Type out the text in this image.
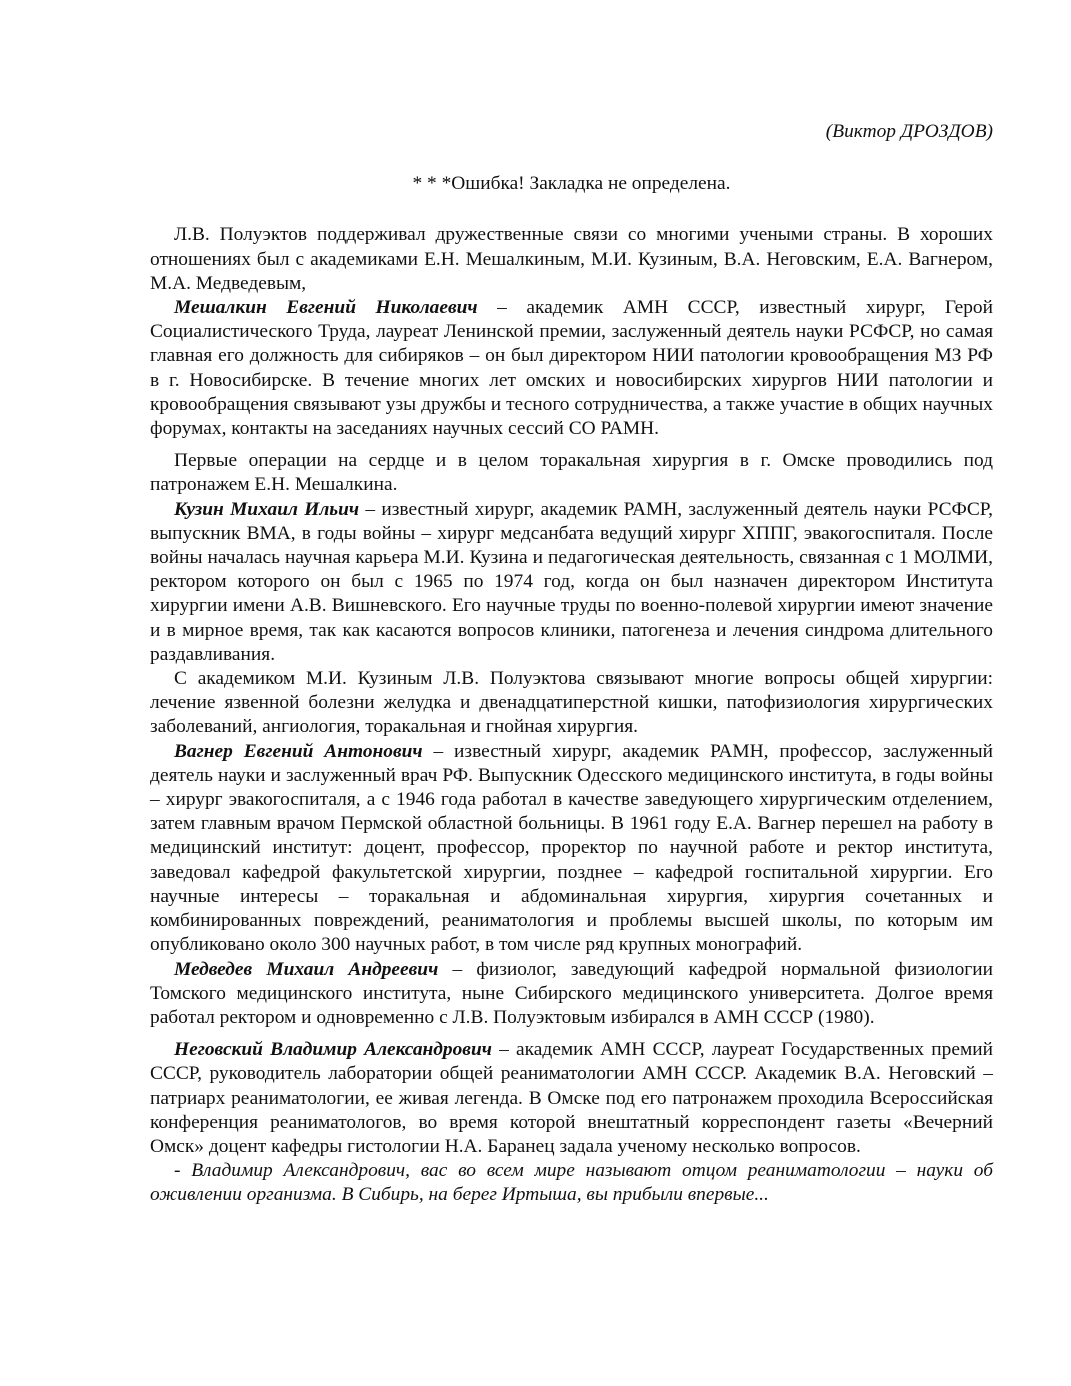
(Виктор ДРОЗДОВ)
* * *Ошибка! Закладка не определена.

Л.В. Полуэктов поддерживал дружественные связи со многими учеными страны. В хороших отношениях был с академиками Е.Н. Мешалкиным, М.И. Кузиным, В.А. Неговским, Е.А. Вагнером, М.А. Медведевым,

Мешалкин Евгений Николаевич – академик АМН СССР, известный хирург, Герой Социалистического Труда, лауреат Ленинской премии, заслуженный деятель науки РСФСР, но самая главная его должность для сибиряков – он был директором НИИ патологии кровообращения МЗ РФ в г. Новосибирске. В течение многих лет омских и новосибирских хирургов НИИ патологии и кровообращения связывают узы дружбы и тесного сотрудничества, а также участие в общих научных форумах, контакты на заседаниях научных сессий СО РАМН.

Первые операции на сердце и в целом торакальная хирургия в г. Омске проводились под патронажем Е.Н. Мешалкина.

Кузин Михаил Ильич – известный хирург, академик РАМН, заслуженный деятель науки РСФСР, выпускник ВМА, в годы войны – хирург медсанбата ведущий хирург ХППГ, эвакогоспиталя. После войны началась научная карьера М.И. Кузина и педагогическая деятельность, связанная с 1 МОЛМИ, ректором которого он был с 1965 по 1974 год, когда он был назначен директором Института хирургии имени А.В. Вишневского. Его научные труды по военно-полевой хирургии имеют значение и в мирное время, так как касаются вопросов клиники, патогенеза и лечения синдрома длительного раздавливания.

С академиком М.И. Кузиным Л.В. Полуэктова связывают многие вопросы общей хирургии: лечение язвенной болезни желудка и двенадцатиперстной кишки, патофизиология хирургических заболеваний, ангиология, торакальная и гнойная хирургия.

Вагнер Евгений Антонович – известный хирург, академик РАМН, профессор, заслуженный деятель науки и заслуженный врач РФ. Выпускник Одесского медицинского института, в годы войны – хирург эвакогоспиталя, а с 1946 года работал в качестве заведующего хирургическим отделением, затем главным врачом Пермской областной больницы. В 1961 году Е.А. Вагнер перешел на работу в медицинский институт: доцент, профессор, проректор по научной работе и ректор института, заведовал кафедрой факультетской хирургии, позднее – кафедрой госпитальной хирургии. Его научные интересы – торакальная и абдоминальная хирургия, хирургия сочетанных и комбинированных повреждений, реаниматология и проблемы высшей школы, по которым им опубликовано около 300 научных работ, в том числе ряд крупных монографий.

Медведев Михаил Андреевич – физиолог, заведующий кафедрой нормальной физиологии Томского медицинского института, ныне Сибирского медицинского университета. Долгое время работал ректором и одновременно с Л.В. Полуэктовым избирался в АМН СССР (1980).

Неговский Владимир Александрович – академик АМН СССР, лауреат Государственных премий СССР, руководитель лаборатории общей реаниматологии АМН СССР. Академик В.А. Неговский – патриарх реаниматологии, ее живая легенда. В Омске под его патронажем проходила Всероссийская конференция реаниматологов, во время которой внештатный корреспондент газеты «Вечерний Омск» доцент кафедры гистологии Н.А. Баранец задала ученому несколько вопросов.

- Владимир Александрович, вас во всем мире называют отцом реаниматологии – науки об оживлении организма. В Сибирь, на берег Иртыша, вы прибыли впервые...
